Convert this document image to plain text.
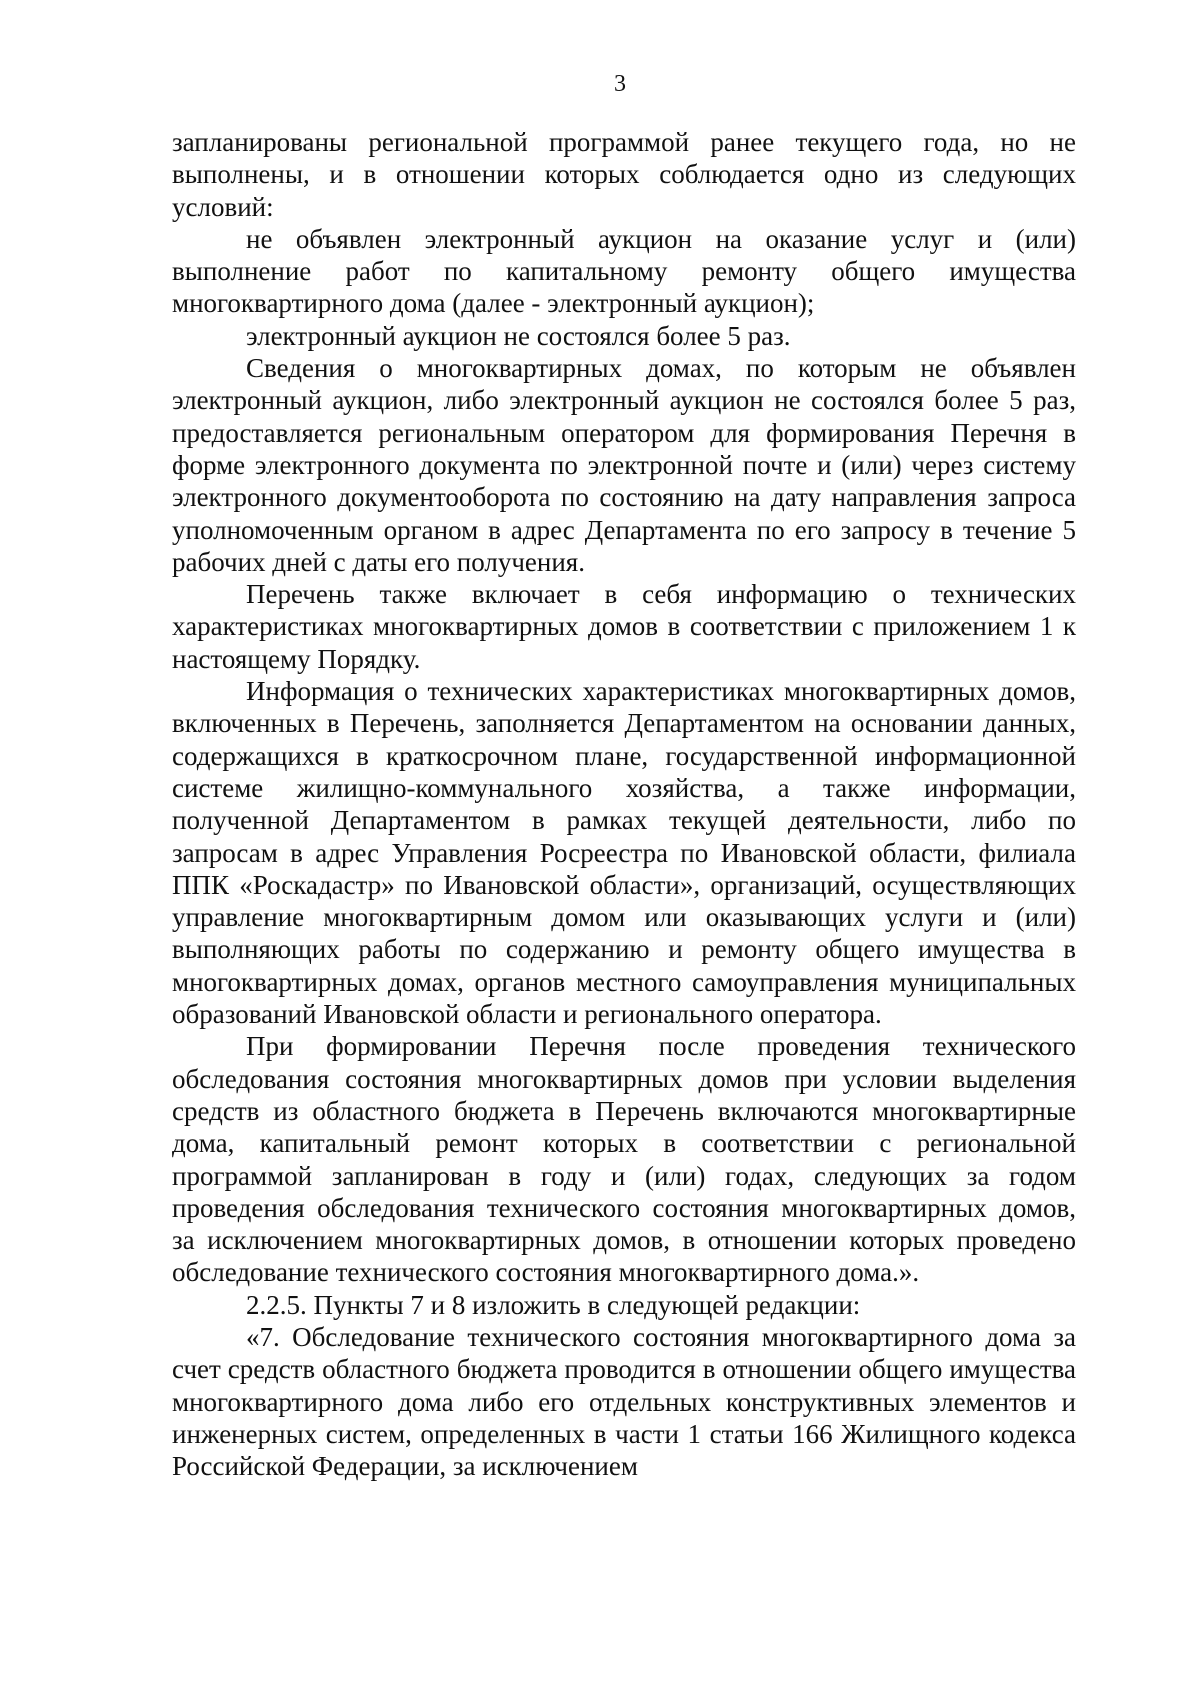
3

запланированы региональной программой ранее текущего года, но не выполнены, и в отношении которых соблюдается одно из следующих условий:

не объявлен электронный аукцион на оказание услуг и (или) выполнение работ по капитальному ремонту общего имущества многоквартирного дома (далее - электронный аукцион);

электронный аукцион не состоялся более 5 раз.

Сведения о многоквартирных домах, по которым не объявлен электронный аукцион, либо электронный аукцион не состоялся более 5 раз, предоставляется региональным оператором для формирования Перечня в форме электронного документа по электронной почте и (или) через систему электронного документооборота по состоянию на дату направления запроса уполномоченным органом в адрес Департамента по его запросу в течение 5 рабочих дней с даты его получения.

Перечень также включает в себя информацию о технических характеристиках многоквартирных домов в соответствии с приложением 1 к настоящему Порядку.

Информация о технических характеристиках многоквартирных домов, включенных в Перечень, заполняется Департаментом на основании данных, содержащихся в краткосрочном плане, государственной информационной системе жилищно-коммунального хозяйства, а также информации, полученной Департаментом в рамках текущей деятельности, либо по запросам в адрес Управления Росреестра по Ивановской области, филиала ППК «Роскадастр» по Ивановской области», организаций, осуществляющих управление многоквартирным домом или оказывающих услуги и (или) выполняющих работы по содержанию и ремонту общего имущества в многоквартирных домах, органов местного самоуправления муниципальных образований Ивановской области и регионального оператора.

При формировании Перечня после проведения технического обследования состояния многоквартирных домов при условии выделения средств из областного бюджета в Перечень включаются многоквартирные дома, капитальный ремонт которых в соответствии с региональной программой запланирован в году и (или) годах, следующих за годом проведения обследования технического состояния многоквартирных домов, за исключением многоквартирных домов, в отношении которых проведено обследование технического состояния многоквартирного дома.».

2.2.5. Пункты 7 и 8 изложить в следующей редакции:

«7. Обследование технического состояния многоквартирного дома за счет средств областного бюджета проводится в отношении общего имущества многоквартирного дома либо его отдельных конструктивных элементов и инженерных систем, определенных в части 1 статьи 166 Жилищного кодекса Российской Федерации, за исключением
